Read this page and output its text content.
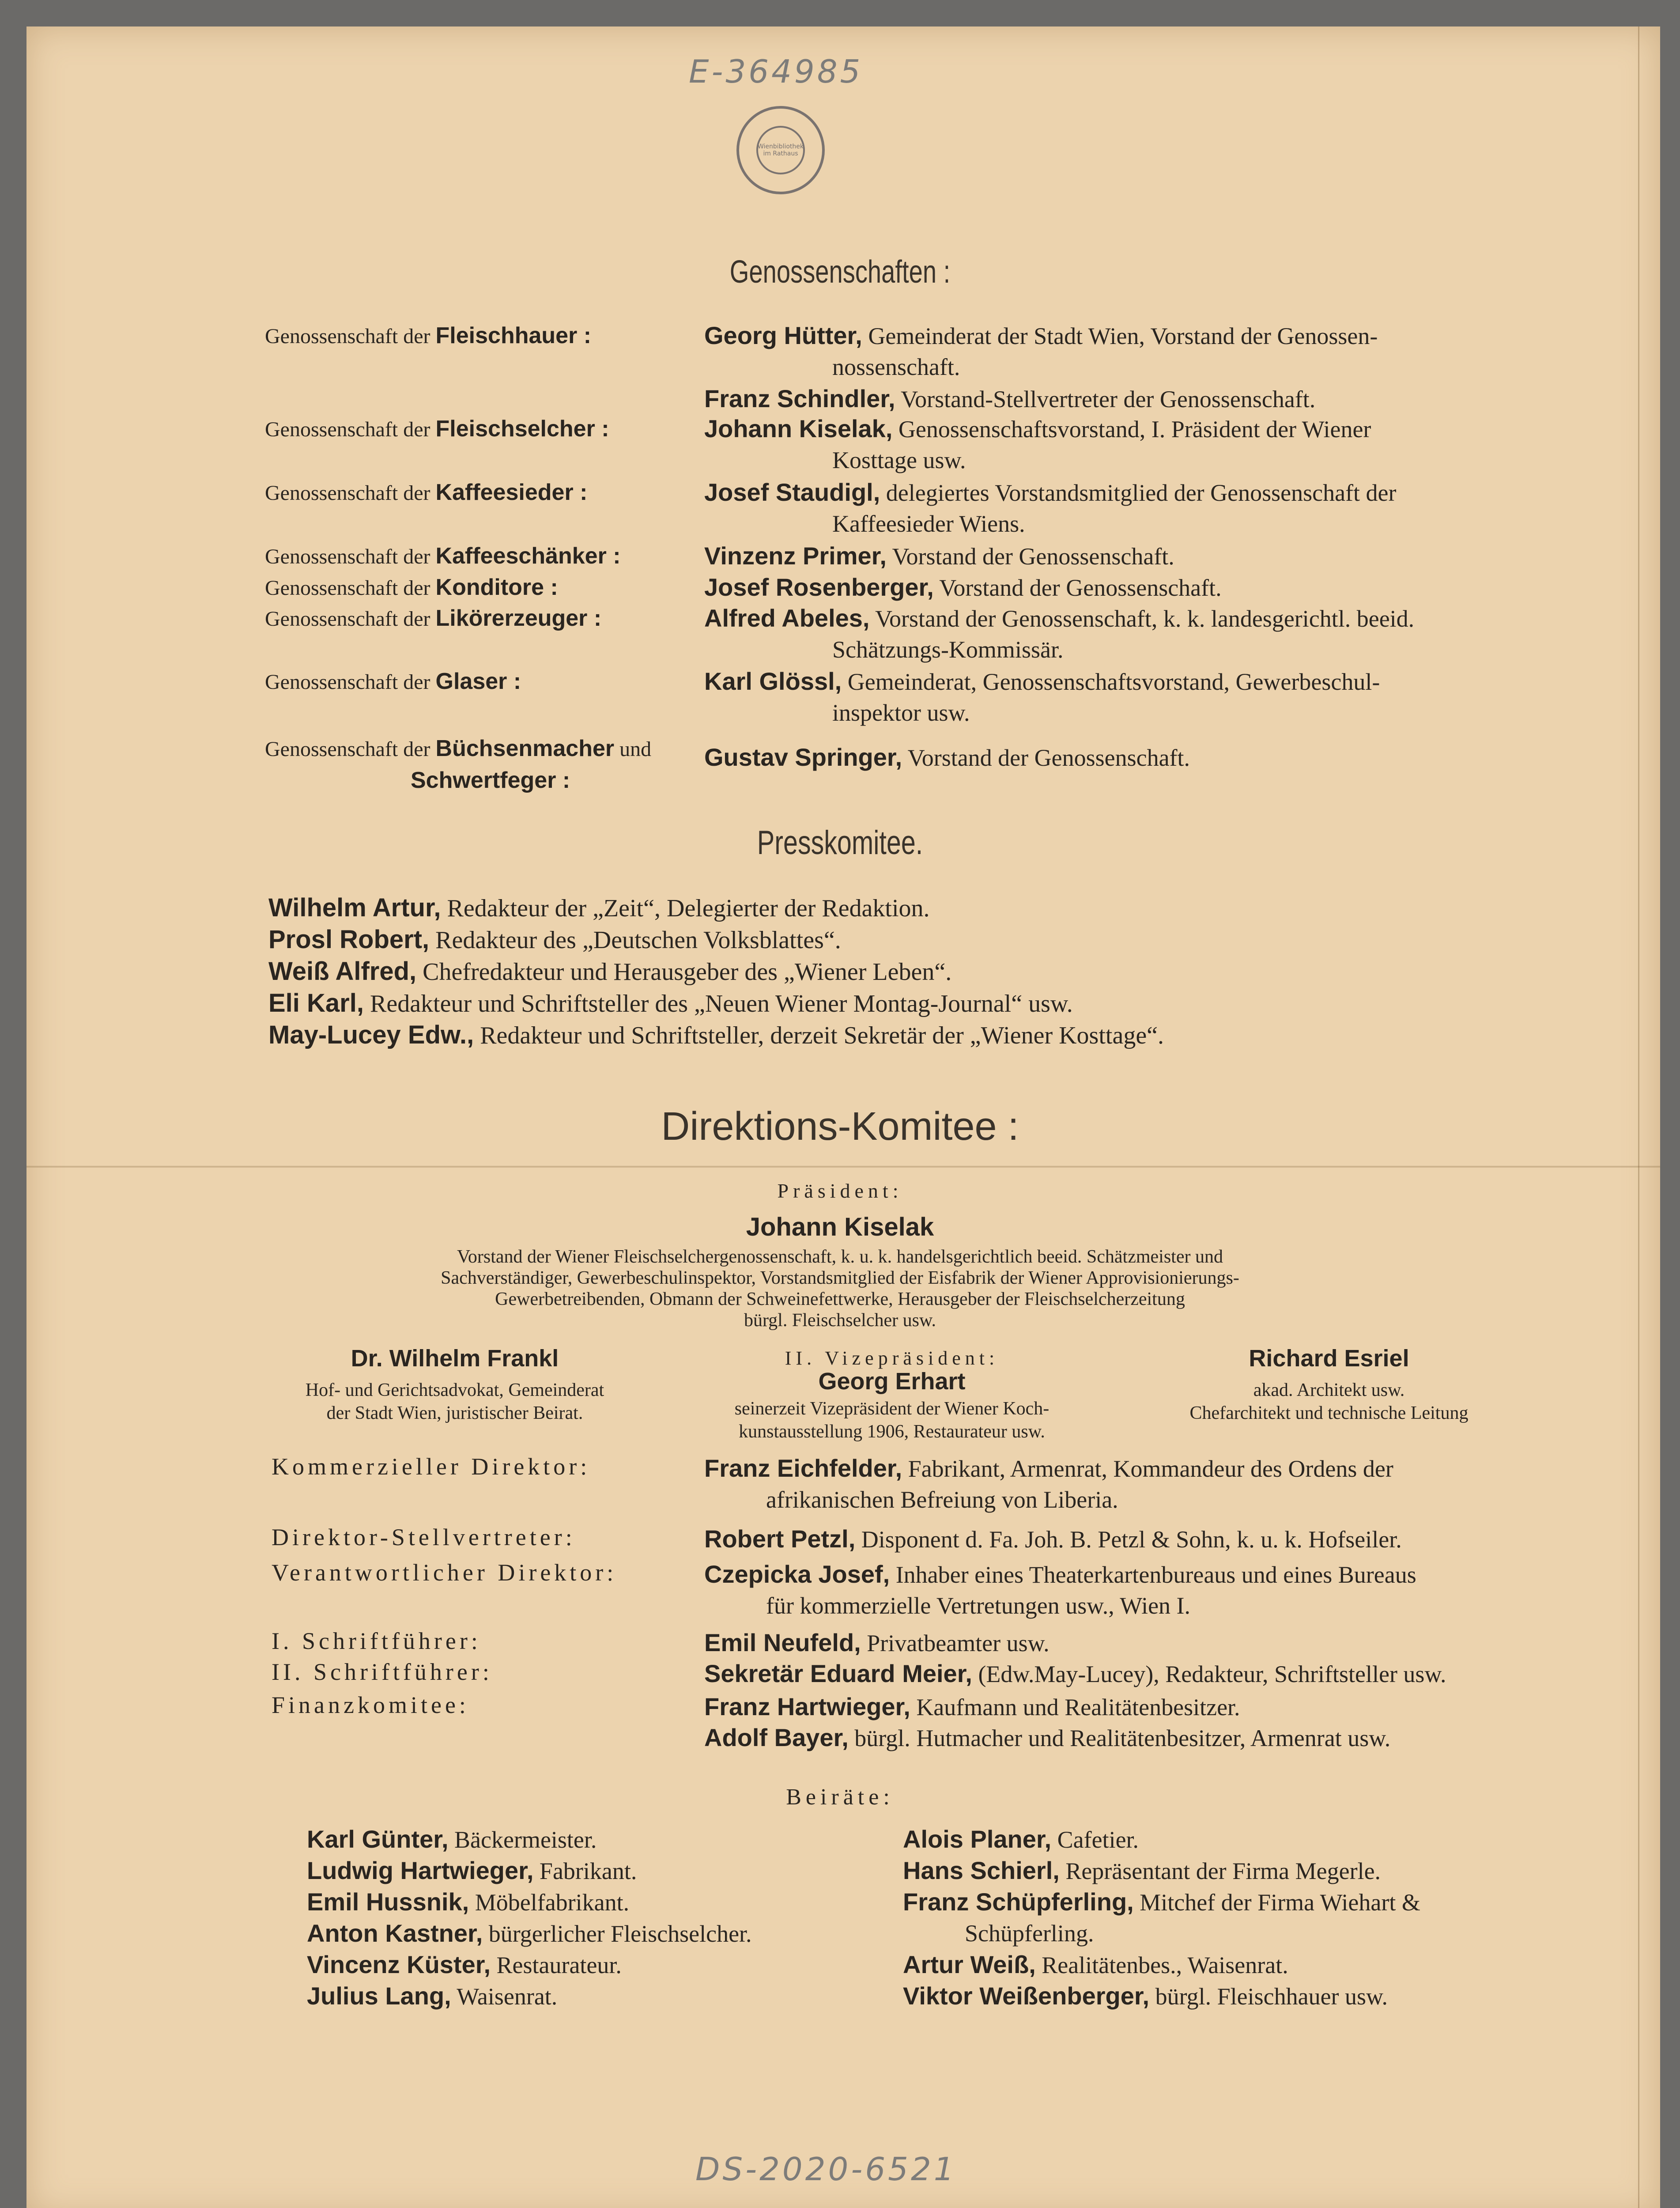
E-364985
Wienbibliothek im Rathaus
DS-2020-6521
Genossenschaften :
Genossenschaft der Fleischhauer :	Georg Hütter, Gemeinderat der Stadt Wien, Vorstand der Genossen-
nossenschaft.
Franz Schindler, Vorstand-Stellvertreter der Genossenschaft.
Genossenschaft der Fleischselcher :	Johann Kiselak, Genossenschaftsvorstand, I. Präsident der Wiener
Kosttage usw.
Genossenschaft der Kaffeesieder :	Josef Staudigl, delegiertes Vorstandsmitglied der Genossenschaft der
Kaffeesieder Wiens.
Genossenschaft der Kaffeeschänker :	Vinzenz Primer, Vorstand der Genossenschaft.
Genossenschaft der Konditore :	Josef Rosenberger, Vorstand der Genossenschaft.
Genossenschaft der Likörerzeuger :	Alfred Abeles, Vorstand der Genossenschaft, k. k. landesgerichtl. beeid.
Schätzungs-Kommissär.
Genossenschaft der Glaser :	Karl Glössl, Gemeinderat, Genossenschaftsvorstand, Gewerbeschul-
inspektor usw.
Genossenschaft der Büchsenmacher und
Schwertfeger :
Gustav Springer, Vorstand der Genossenschaft.
Presskomitee.
Wilhelm Artur, Redakteur der „Zeit“, Delegierter der Redaktion.
Prosl Robert, Redakteur des „Deutschen Volksblattes“.
Weiß Alfred, Chefredakteur und Herausgeber des „Wiener Leben“.
Eli Karl, Redakteur und Schriftsteller des „Neuen Wiener Montag-Journal“ usw.
May-Lucey Edw., Redakteur und Schriftsteller, derzeit Sekretär der „Wiener Kosttage“.
Direktions-Komitee :
Präsident:
Johann Kiselak
Vorstand der Wiener Fleischselchergenossenschaft, k. u. k. handelsgerichtlich beeid. Schätzmeister und
Sachverständiger, Gewerbeschulinspektor, Vorstandsmitglied der Eisfabrik der Wiener Approvisionierungs-
Gewerbetreibenden, Obmann der Schweinefettwerke, Herausgeber der Fleischselcherzeitung
bürgl. Fleischselcher usw.
Dr. Wilhelm Frankl
Hof- und Gerichtsadvokat, Gemeinderat
der Stadt Wien, juristischer Beirat.
II. Vizepräsident:
Georg Erhart
seinerzeit Vizepräsident der Wiener Koch-
kunstausstellung 1906, Restaurateur usw.
Richard Esriel
akad. Architekt usw.
Chefarchitekt und technische Leitung
Kommerzieller Direktor:	Franz Eichfelder, Fabrikant, Armenrat, Kommandeur des Ordens der
afrikanischen Befreiung von Liberia.
Direktor-Stellvertreter:	Robert Petzl, Disponent d. Fa. Joh. B. Petzl & Sohn, k. u. k. Hofseiler.
Verantwortlicher Direktor:	Czepicka Josef, Inhaber eines Theaterkartenbureaus und eines Bureaus
für kommerzielle Vertretungen usw., Wien I.
I. Schriftführer:	Emil Neufeld, Privatbeamter usw.
II. Schriftführer:	Sekretär Eduard Meier, (Edw.May-Lucey), Redakteur, Schriftsteller usw.
Finanzkomitee:	Franz Hartwieger, Kaufmann und Realitätenbesitzer.
Adolf Bayer, bürgl. Hutmacher und Realitätenbesitzer, Armenrat usw.
Beiräte:
Karl Günter, Bäckermeister.
Ludwig Hartwieger, Fabrikant.
Emil Hussnik, Möbelfabrikant.
Anton Kastner, bürgerlicher Fleischselcher.
Vincenz Küster, Restaurateur.
Julius Lang, Waisenrat.
Alois Planer, Cafetier.
Hans Schierl, Repräsentant der Firma Megerle.
Franz Schüpferling, Mitchef der Firma Wiehart &
Schüpferling.
Artur Weiß, Realitätenbes., Waisenrat.
Viktor Weißenberger, bürgl. Fleischhauer usw.
